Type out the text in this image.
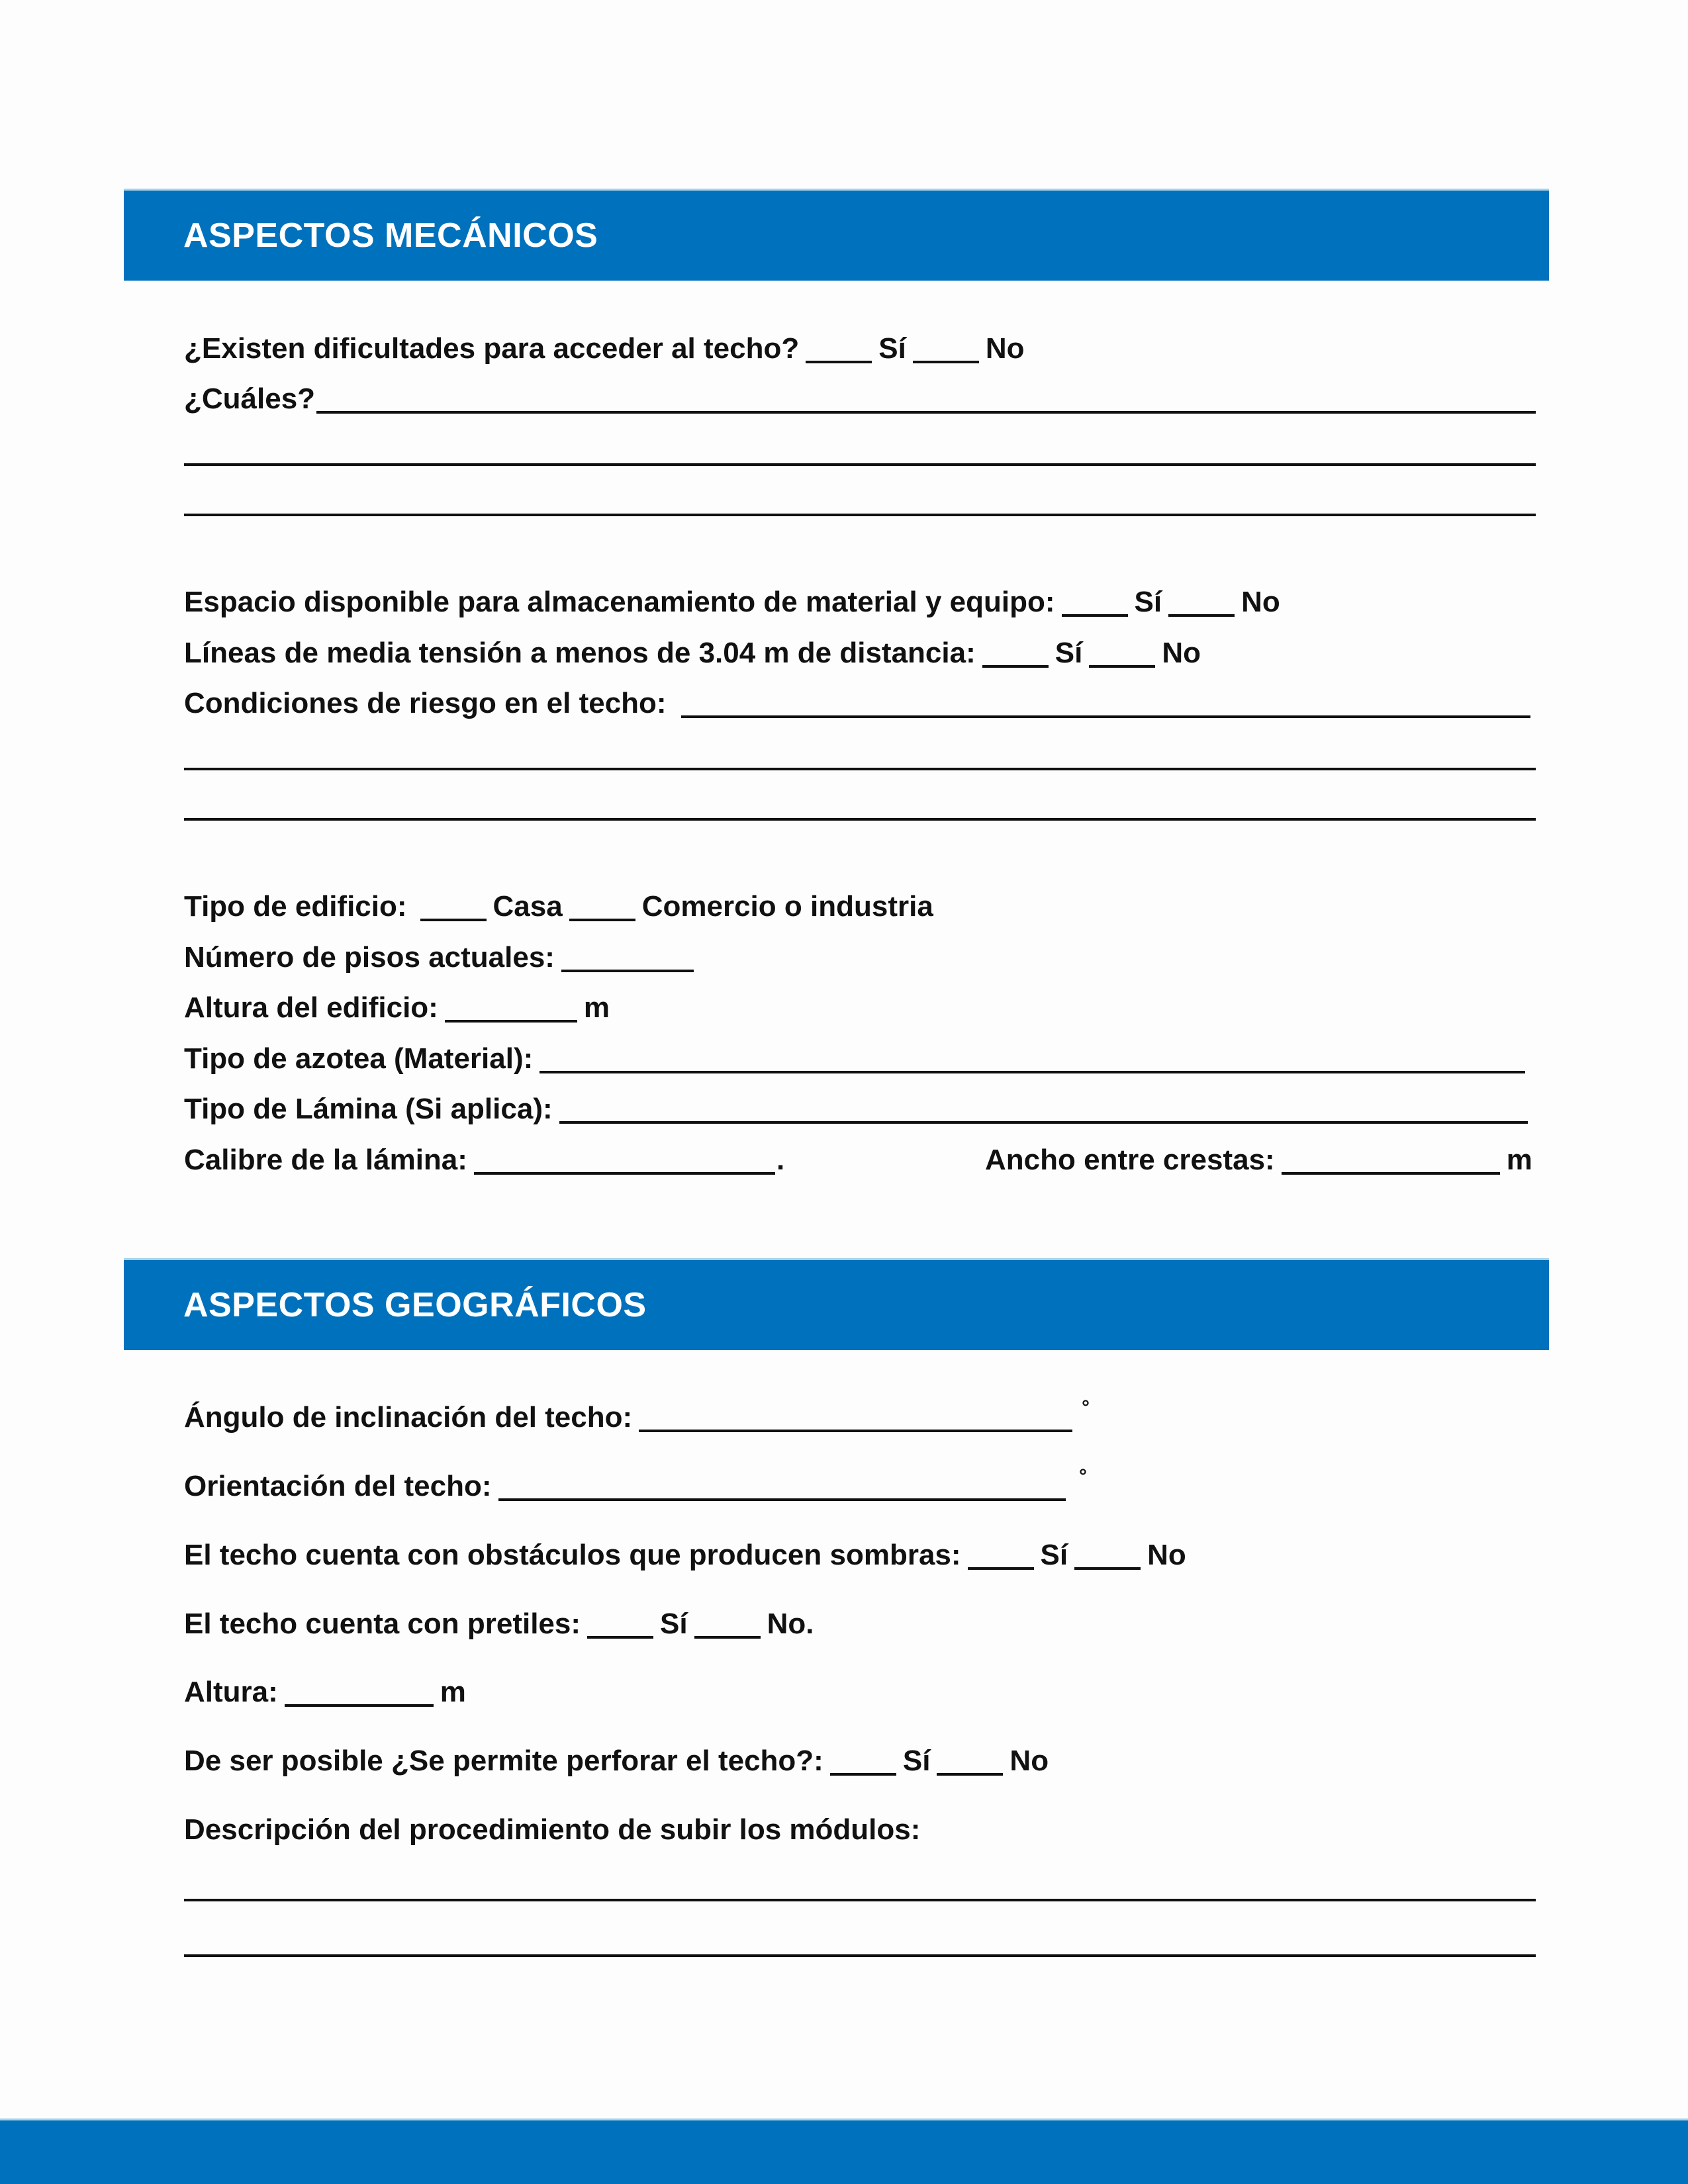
ASPECTOS MECÁNICOS
¿Existen dificultades para acceder al techo?	Sí	No
¿Cuáles?
Espacio disponible para almacenamiento de material y equipo:	Sí	No
Líneas de media tensión a menos de 3.04 m de distancia:	Sí	No
Condiciones de riesgo en el techo:
Tipo de edificio:	Casa	Comercio o industria
Número de pisos actuales:
Altura del edificio:	m
Tipo de azotea (Material):
Tipo de Lámina (Si aplica):
Calibre de la lámina:	.	Ancho entre crestas:	m
ASPECTOS GEOGRÁFICOS
Ángulo de inclinación del techo:	°
Orientación del techo:	°
El techo cuenta con obstáculos que producen sombras:	Sí	No
El techo cuenta con pretiles:	Sí	No.
Altura:	m
De ser posible ¿Se permite perforar el techo?:	Sí	No
Descripción del procedimiento de subir los módulos:
